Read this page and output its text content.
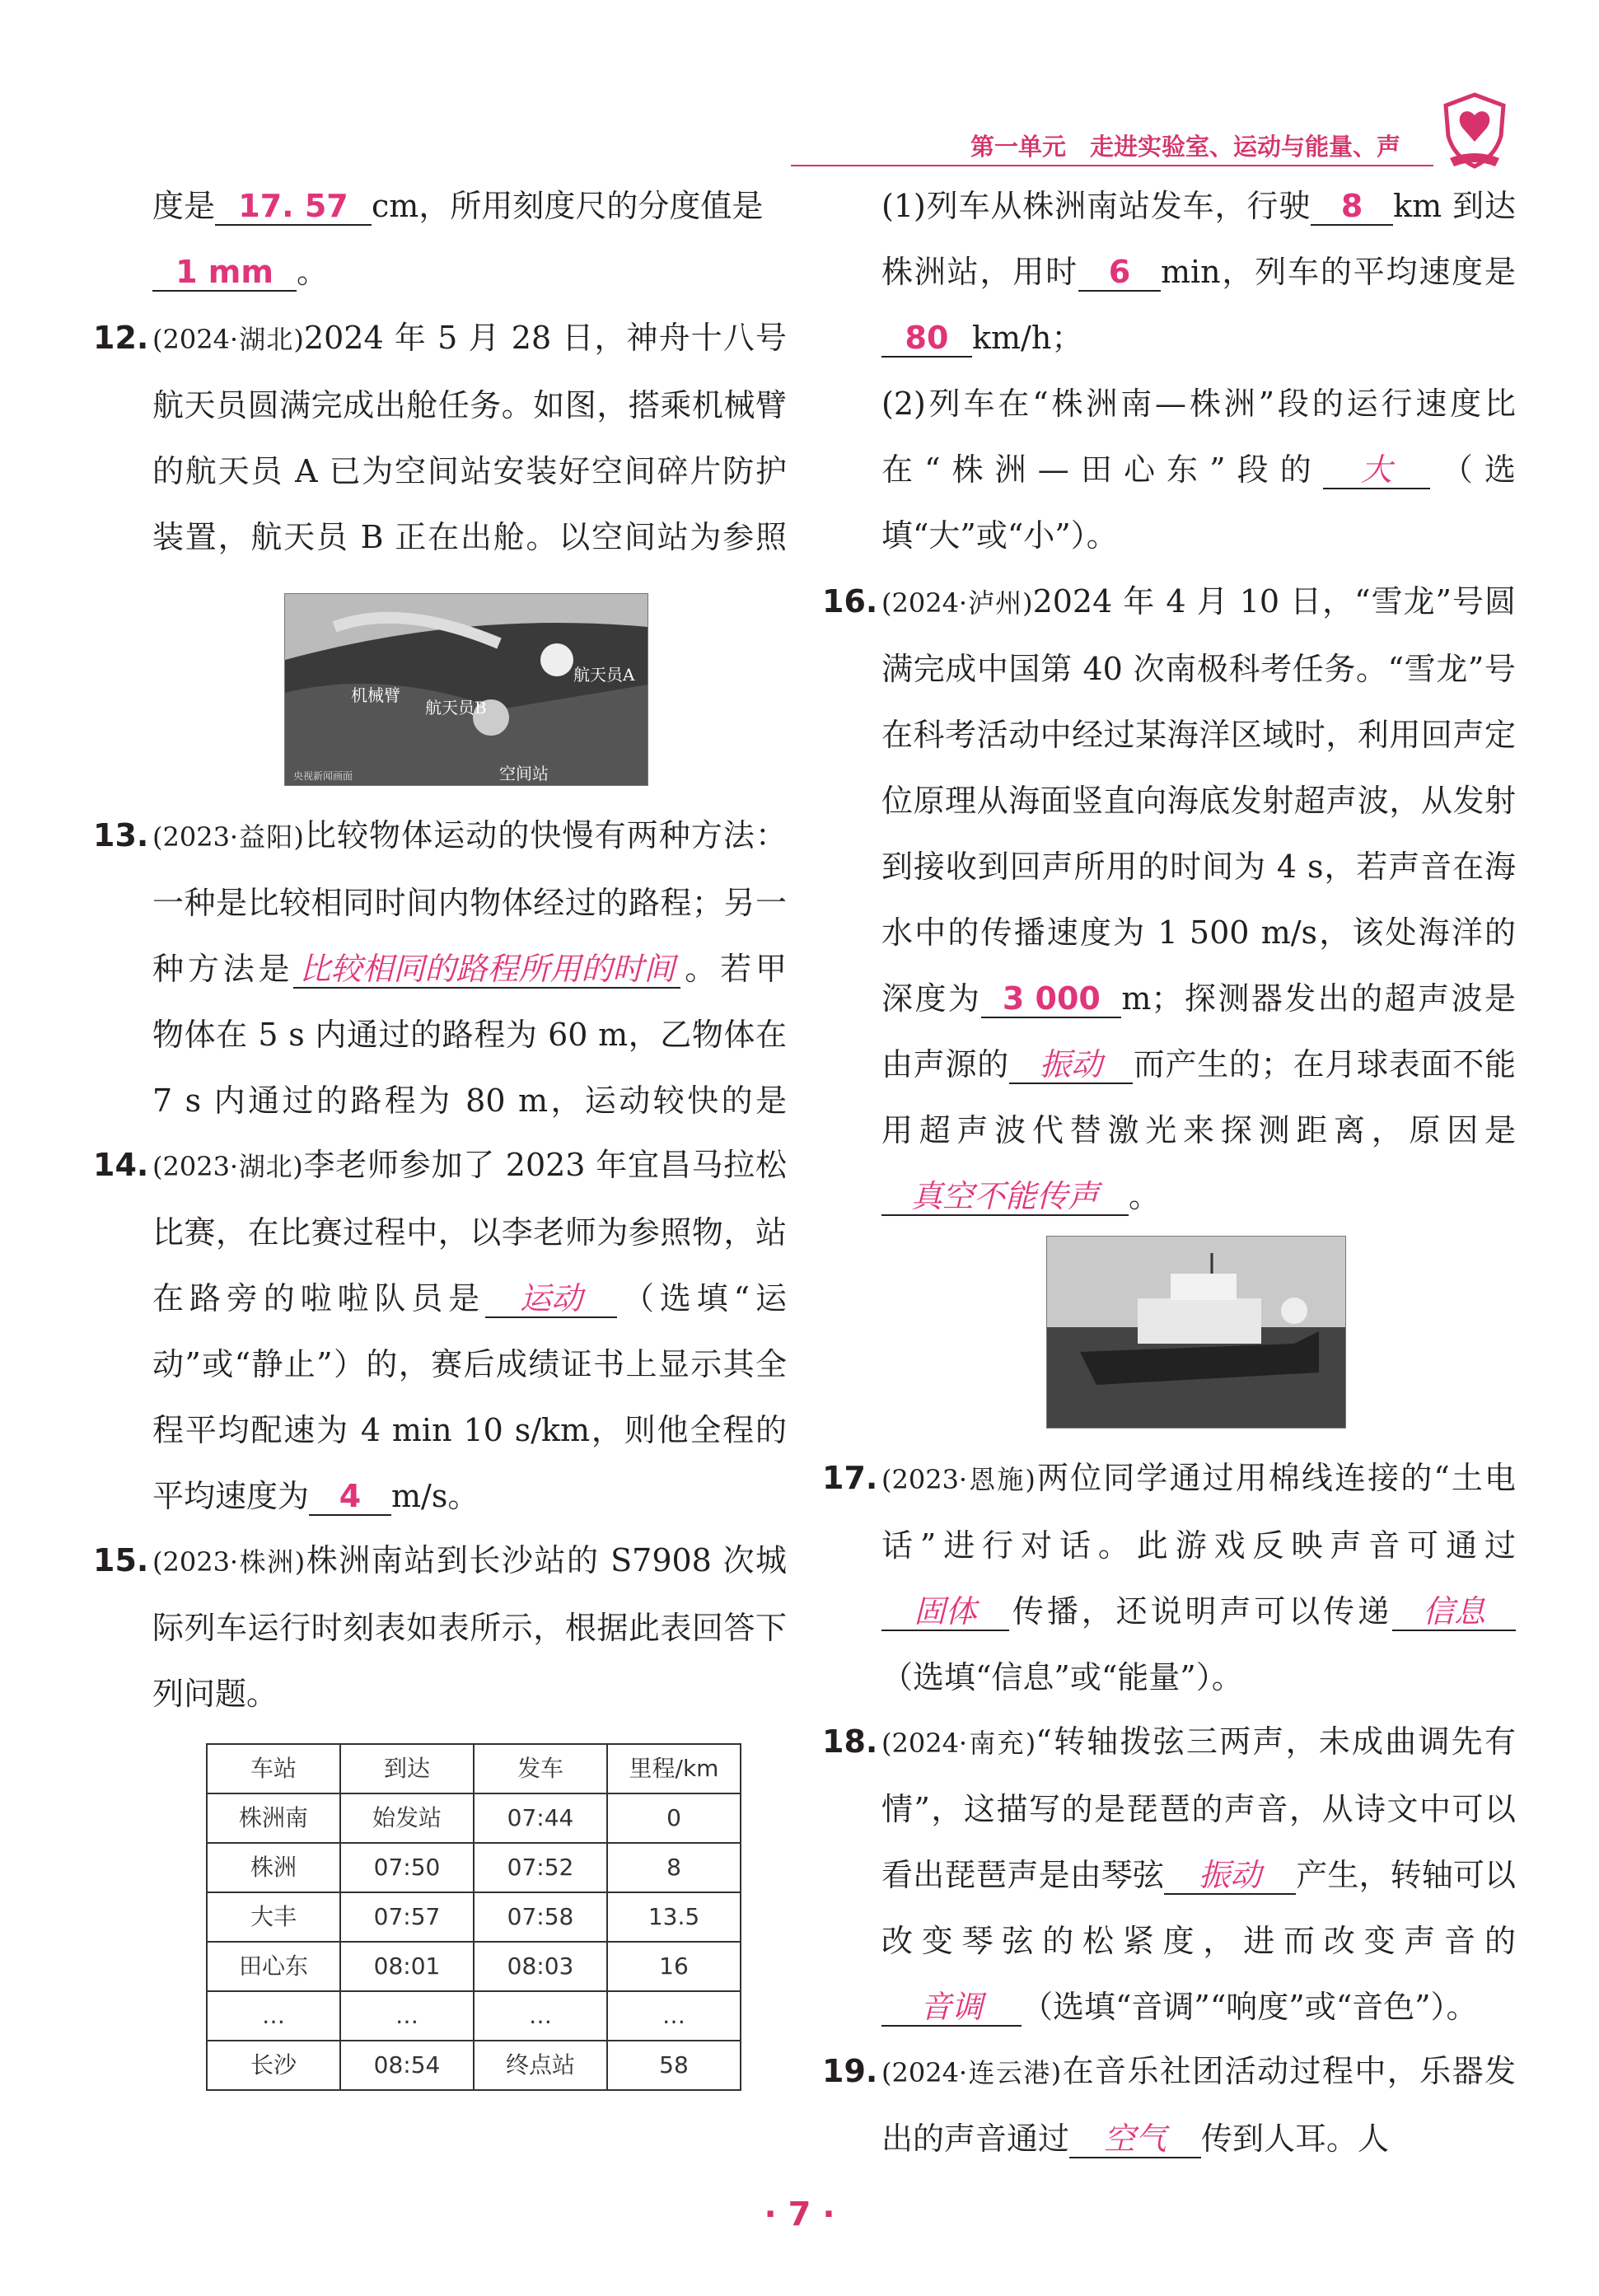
第一单元　走进实验室、运动与能量、声

度是 17. 57 cm，所用刻度尺的分度值是
1 mm 。

12. (2024·湖北)2024 年 5 月 28 日，神舟十八号航天员圆满完成出舱任务。如图，搭乘机械臂的航天员 A 已为空间站安装好空间碎片防护装置，航天员 B 正在出舱。以空间站为参照

机械臂
航天员A
航天员B
空间站
央视新闻画面
13. (2023·益阳)比较物体运动的快慢有两种方法：一种是比较相同时间内物体经过的路程；另一种方法是 比较相同的路程所用的时间 。若甲物体在 5 s 内通过的路程为 60 m，乙物体在 7 s 内通过的路程为 80 m，运动较快的是

14. (2023·湖北)李老师参加了 2023 年宜昌马拉松比赛，在比赛过程中，以李老师为参照物，站在路旁的啦啦队员是 运动 （选填“运动”或“静止”）的，赛后成绩证书上显示其全程平均配速为 4 min 10 s/km，则他全程的平均速度为 4 m/s。

15. (2023·株洲)株洲南站到长沙站的 S7908 次城际列车运行时刻表如表所示，根据此表回答下列问题。

车站	到达	发车	里程/km
株洲南	始发站	07:44	0
株洲	07:50	07:52	8
大丰	07:57	07:58	13.5
田心东	08:01	08:03	16
…	…	…	…
长沙	08:54	终点站	58

(1)列车从株洲南站发车，行驶 8 km 到达株洲站，用时 6 min，列车的平均速度是80 km/h；

(2)列车在“株洲南—株洲”段的运行速度比在“株洲—田心东”段的 大 （选填“大”或“小”）。

16. (2024·泸州)2024 年 4 月 10 日，“雪龙”号圆满完成中国第 40 次南极科考任务。“雪龙”号在科考活动中经过某海洋区域时，利用回声定位原理从海面竖直向海底发射超声波，从发射到接收到回声所用的时间为 4 s，若声音在海水中的传播速度为 1 500 m/s，该处海洋的深度为 3 000 m；探测器发出的超声波是由声源的 振动 而产生的；在月球表面不能用超声波代替激光来探测距离，原因是真空不能传声 。

17. (2023·恩施)两位同学通过用棉线连接的“土电话”进行对话。此游戏反映声音可通过固体 传播，还说明声可以传递 信息（选填“信息”或“能量”）。

18. (2024·南充)“转轴拨弦三两声，未成曲调先有情”，这描写的是琵琶的声音，从诗文中可以看出琵琶声是由琴弦 振动 产生，转轴可以改变琴弦的松紧度，进而改变声音的音调 （选填“音调”“响度”或“音色”）。

19. (2024·连云港)在音乐社团活动过程中，乐器发出的声音通过 空气 传到人耳。人

· 7 ·
